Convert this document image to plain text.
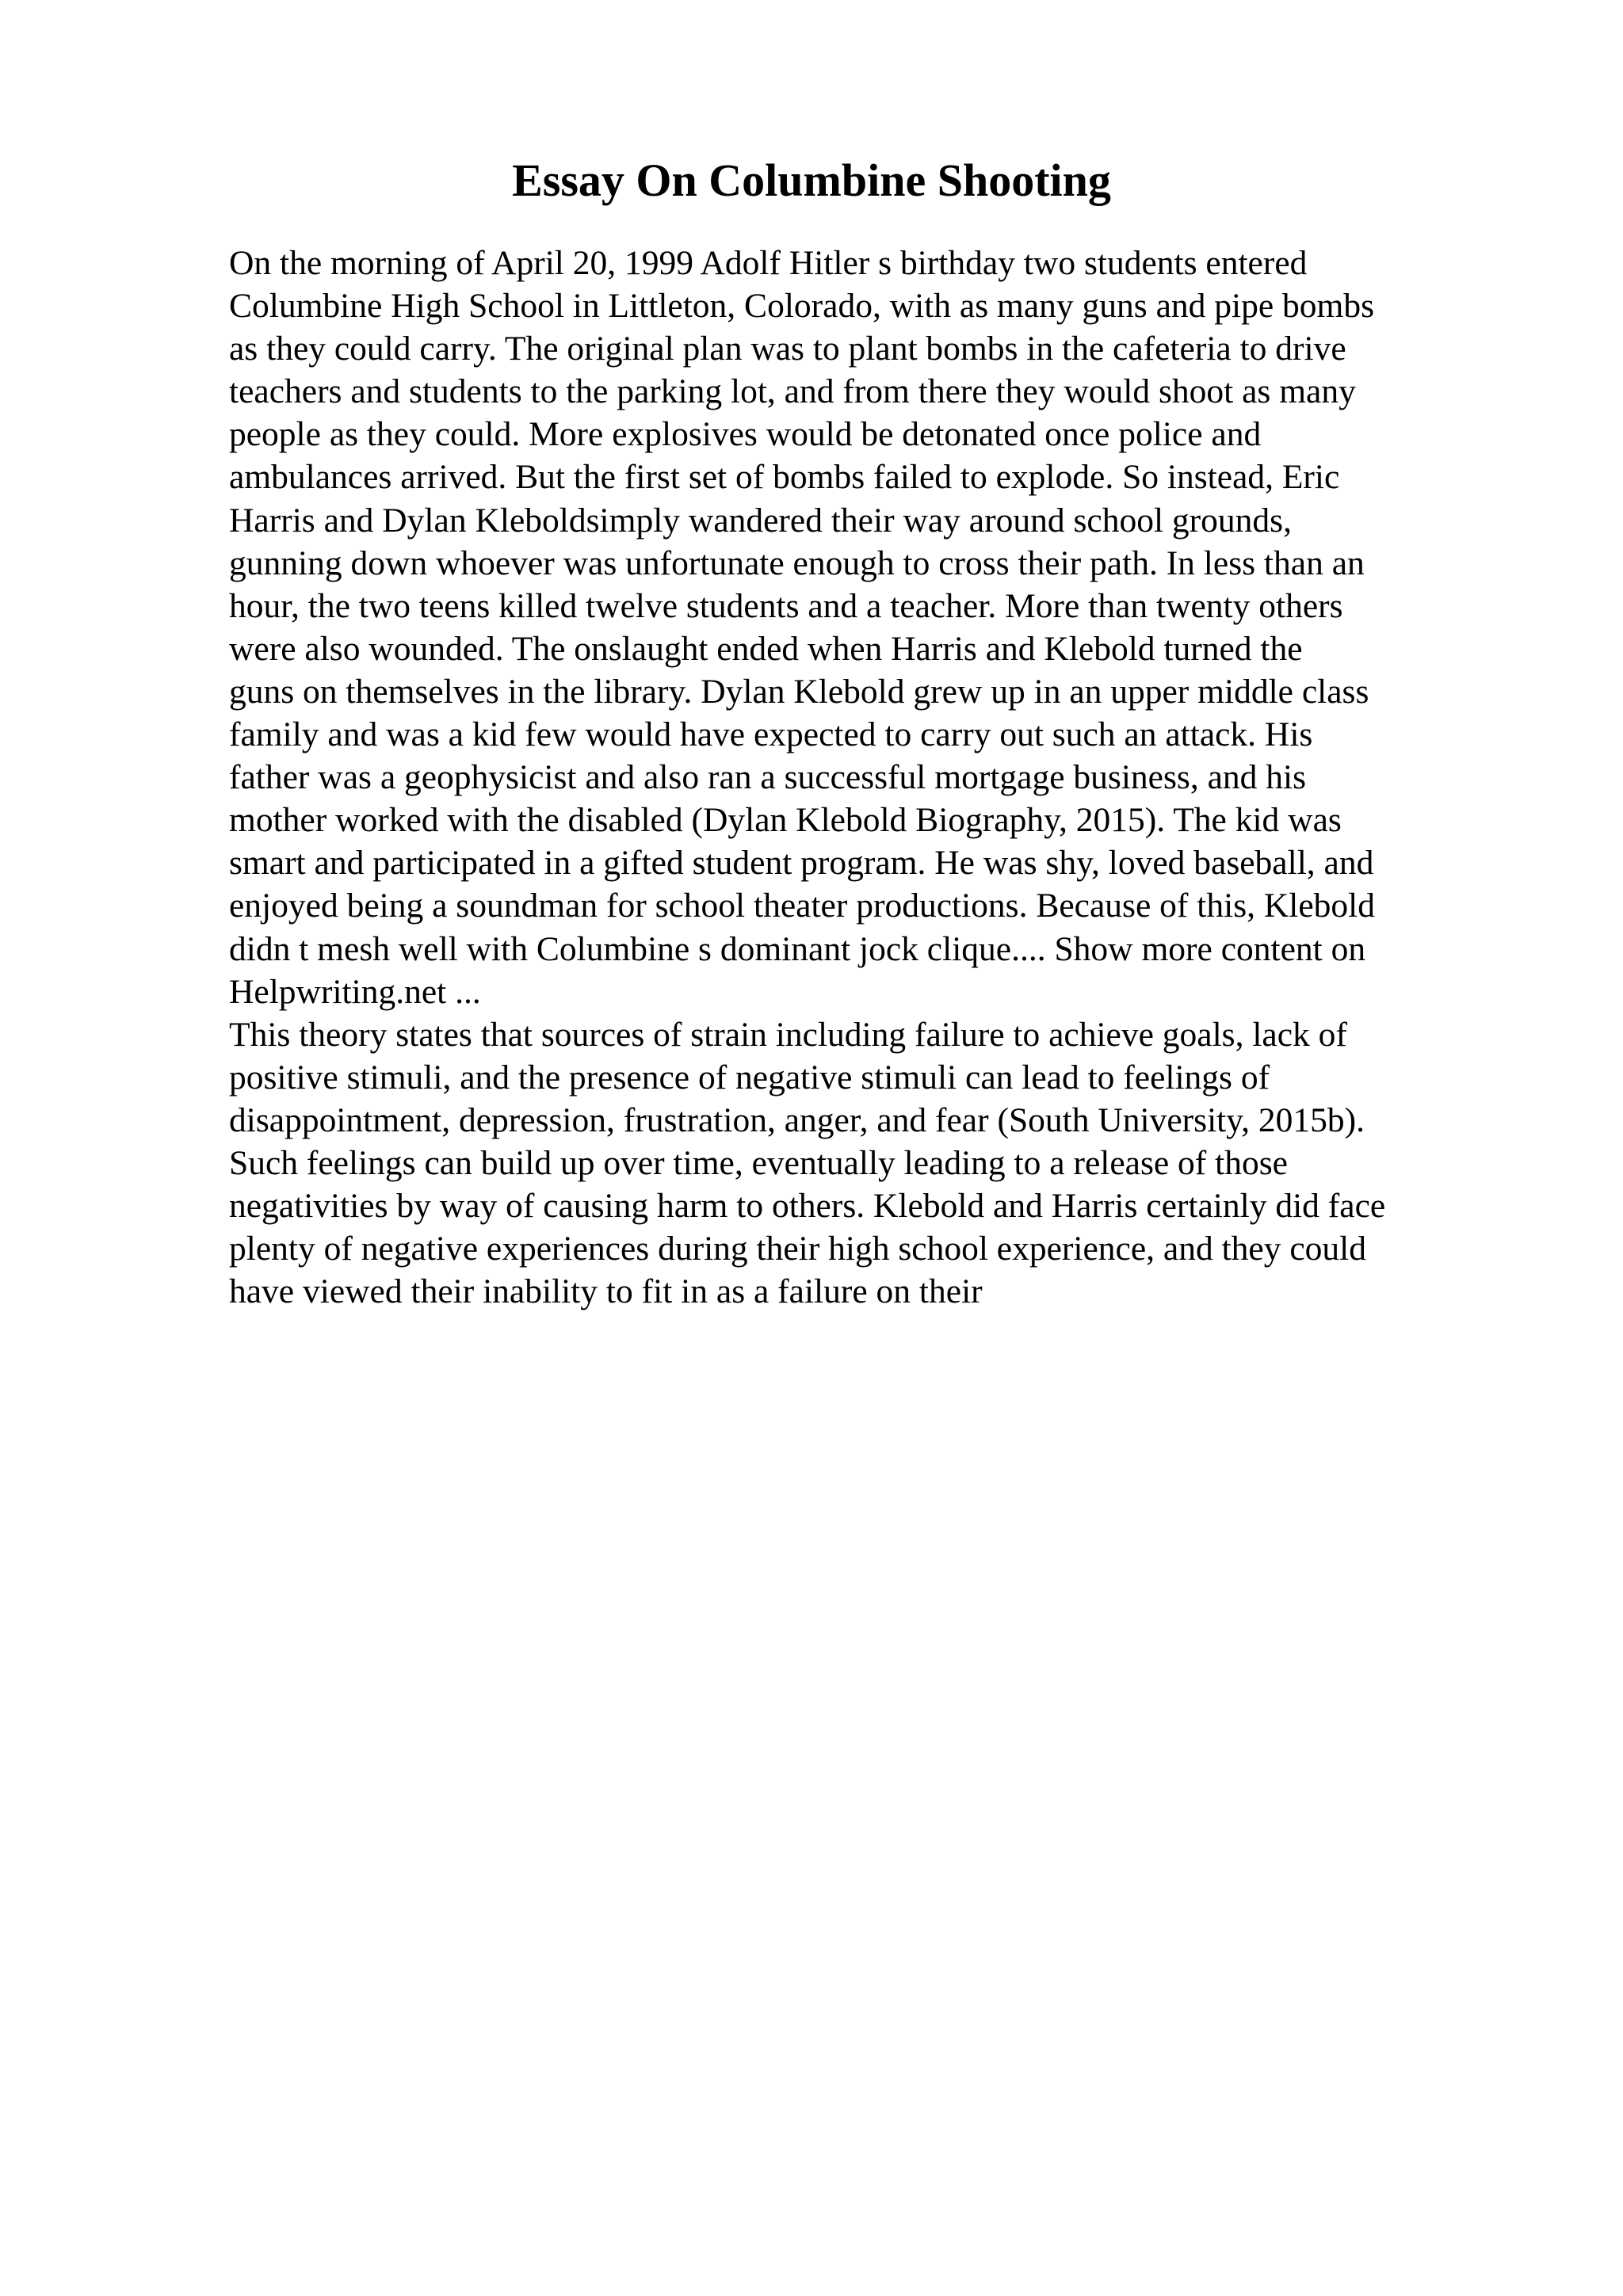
Essay On Columbine Shooting
On the morning of April 20, 1999 Adolf Hitler s birthday two students entered
Columbine High School in Littleton, Colorado, with as many guns and pipe bombs
as they could carry. The original plan was to plant bombs in the cafeteria to drive
teachers and students to the parking lot, and from there they would shoot as many
people as they could. More explosives would be detonated once police and
ambulances arrived. But the first set of bombs failed to explode. So instead, Eric
Harris and Dylan Kleboldsimply wandered their way around school grounds,
gunning down whoever was unfortunate enough to cross their path. In less than an
hour, the two teens killed twelve students and a teacher. More than twenty others
were also wounded. The onslaught ended when Harris and Klebold turned the
guns on themselves in the library. Dylan Klebold grew up in an upper middle class
family and was a kid few would have expected to carry out such an attack. His
father was a geophysicist and also ran a successful mortgage business, and his
mother worked with the disabled (Dylan Klebold Biography, 2015). The kid was
smart and participated in a gifted student program. He was shy, loved baseball, and
enjoyed being a soundman for school theater productions. Because of this, Klebold
didn t mesh well with Columbine s dominant jock clique.... Show more content on
Helpwriting.net ...
This theory states that sources of strain including failure to achieve goals, lack of
positive stimuli, and the presence of negative stimuli can lead to feelings of
disappointment, depression, frustration, anger, and fear (South University, 2015b).
Such feelings can build up over time, eventually leading to a release of those
negativities by way of causing harm to others. Klebold and Harris certainly did face
plenty of negative experiences during their high school experience, and they could
have viewed their inability to fit in as a failure on their
